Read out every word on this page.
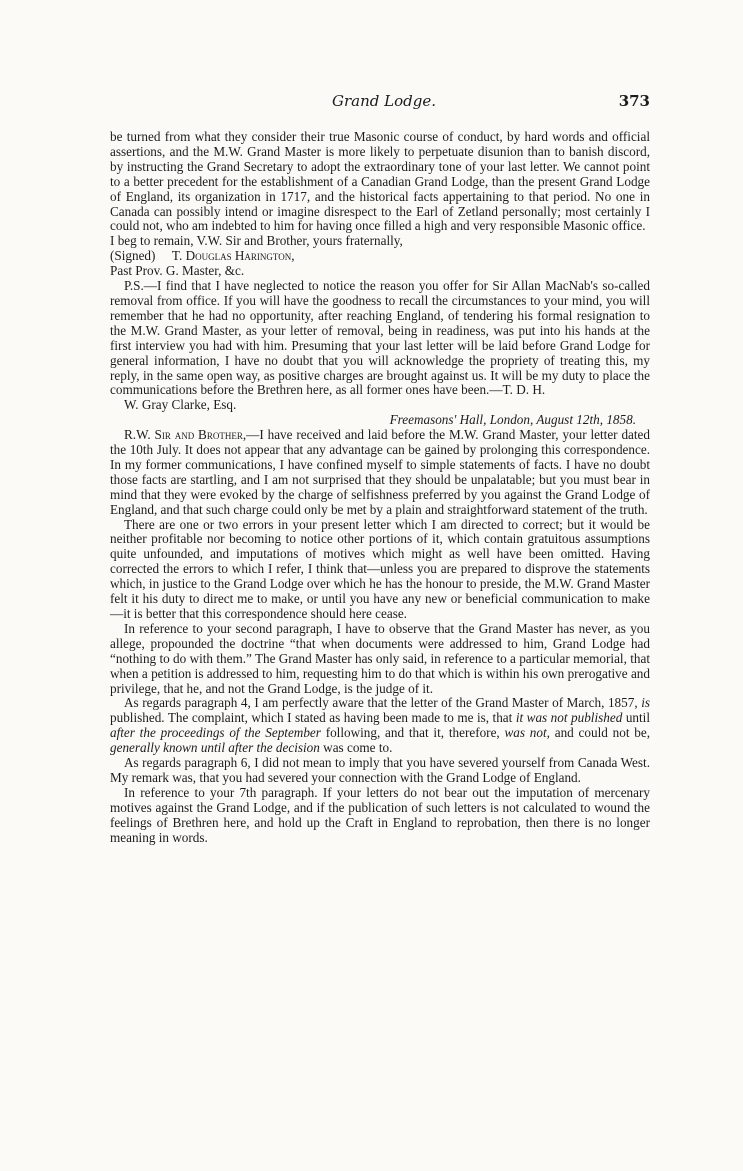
Grand Lodge.	373

be turned from what they consider their true Masonic course of conduct, by hard words and official assertions, and the M.W. Grand Master is more likely to perpetuate disunion than to banish discord, by instructing the Grand Secretary to adopt the extraordinary tone of your last letter. We cannot point to a better precedent for the establishment of a Canadian Grand Lodge, than the present Grand Lodge of England, its organization in 1717, and the historical facts appertaining to that period. No one in Canada can possibly intend or imagine disrespect to the Earl of Zetland personally; most certainly I could not, who am indebted to him for having once filled a high and very responsible Masonic office.

I beg to remain, V.W. Sir and Brother, yours fraternally,

(Signed) T. Douglas Harington,

Past Prov. G. Master, &c.

P.S.—I find that I have neglected to notice the reason you offer for Sir Allan MacNab's so-called removal from office. If you will have the goodness to recall the circumstances to your mind, you will remember that he had no opportunity, after reaching England, of tendering his formal resignation to the M.W. Grand Master, as your letter of removal, being in readiness, was put into his hands at the first interview you had with him. Presuming that your last letter will be laid before Grand Lodge for general information, I have no doubt that you will acknowledge the propriety of treating this, my reply, in the same open way, as positive charges are brought against us. It will be my duty to place the communications before the Brethren here, as all former ones have been.—T. D. H.

W. Gray Clarke, Esq.

Freemasons' Hall, London, August 12th, 1858.

R.W. Sir and Brother,—I have received and laid before the M.W. Grand Master, your letter dated the 10th July. It does not appear that any advantage can be gained by prolonging this correspondence. In my former communications, I have confined myself to simple statements of facts. I have no doubt those facts are startling, and I am not surprised that they should be unpalatable; but you must bear in mind that they were evoked by the charge of selfishness preferred by you against the Grand Lodge of England, and that such charge could only be met by a plain and straightforward statement of the truth.

There are one or two errors in your present letter which I am directed to correct; but it would be neither profitable nor becoming to notice other portions of it, which contain gratuitous assumptions quite unfounded, and imputations of motives which might as well have been omitted. Having corrected the errors to which I refer, I think that—unless you are prepared to disprove the statements which, in justice to the Grand Lodge over which he has the honour to preside, the M.W. Grand Master felt it his duty to direct me to make, or until you have any new or beneficial communication to make—it is better that this correspondence should here cease.

In reference to your second paragraph, I have to observe that the Grand Master has never, as you allege, propounded the doctrine “that when documents were addressed to him, Grand Lodge had “nothing to do with them.” The Grand Master has only said, in reference to a particular memorial, that when a petition is addressed to him, requesting him to do that which is within his own prerogative and privilege, that he, and not the Grand Lodge, is the judge of it.

As regards paragraph 4, I am perfectly aware that the letter of the Grand Master of March, 1857, is published. The complaint, which I stated as having been made to me is, that it was not published until after the proceedings of the September following, and that it, therefore, was not, and could not be, generally known until after the decision was come to.

As regards paragraph 6, I did not mean to imply that you have severed yourself from Canada West. My remark was, that you had severed your connection with the Grand Lodge of England.

In reference to your 7th paragraph. If your letters do not bear out the imputation of mercenary motives against the Grand Lodge, and if the publication of such letters is not calculated to wound the feelings of Brethren here, and hold up the Craft in England to reprobation, then there is no longer meaning in words.
